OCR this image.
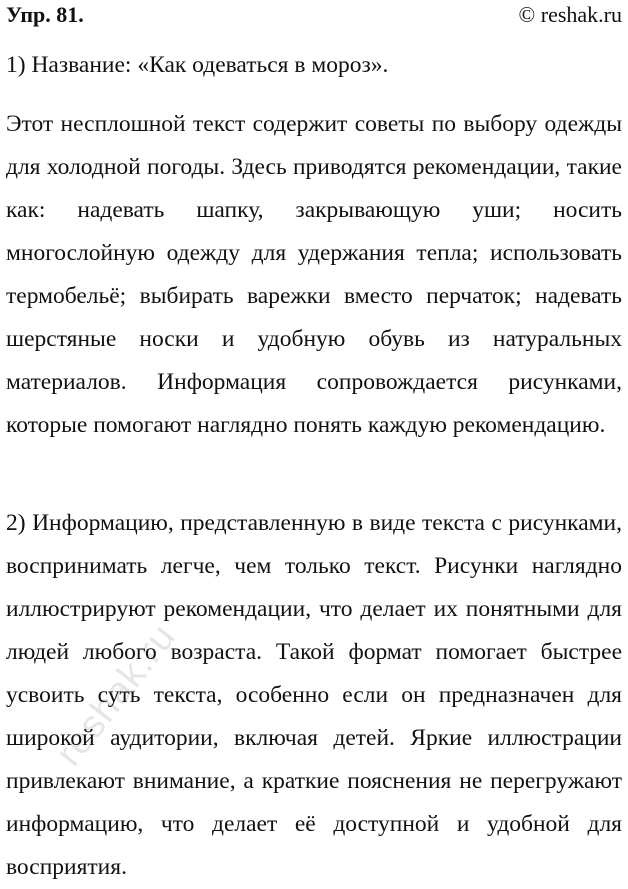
Упр. 81.	© reshak.ru

1) Название: «Как одеваться в мороз».

Этот несплошной текст содержит советы по выбору одежды для холодной погоды. Здесь приводятся рекомендации, такие как: надевать шапку, закрывающую уши; носить многослойную одежду для удержания тепла; использовать термобельё; выбирать варежки вместо перчаток; надевать шерстяные носки и удобную обувь из натуральных материалов. Информация сопровождается рисунками, которые помогают наглядно понять каждую рекомендацию.

2) Информацию, представленную в виде текста с рисунками, воспринимать легче, чем только текст. Рисунки наглядно иллюстрируют рекомендации, что делает их понятными для людей любого возраста. Такой формат помогает быстрее усвоить суть текста, особенно если он предназначен для широкой аудитории, включая детей. Яркие иллюстрации привлекают внимание, а краткие пояснения не перегружают информацию, что делает её доступной и удобной для восприятия.

reshak.ru
